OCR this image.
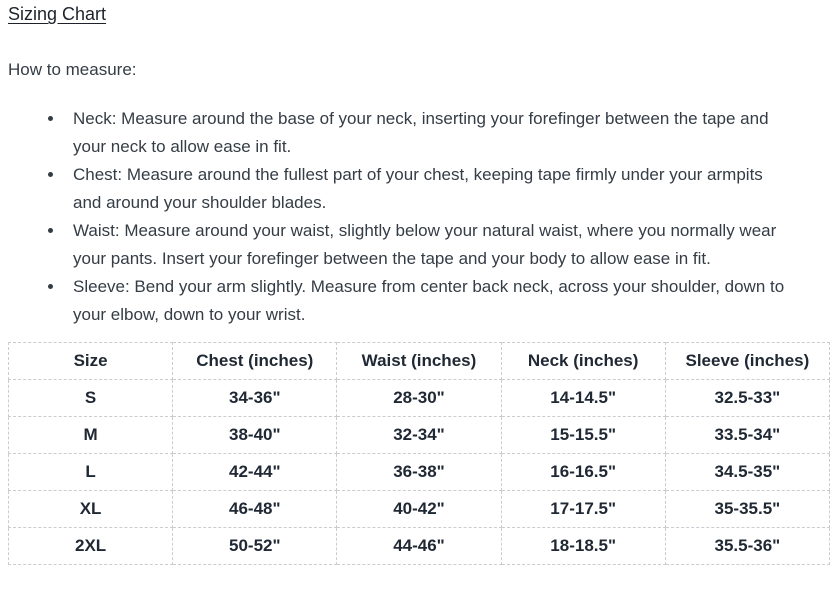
Sizing Chart

How to measure:

• Neck: Measure around the base of your neck, inserting your forefinger between the tape and your neck to allow ease in fit.
• Chest: Measure around the fullest part of your chest, keeping tape firmly under your armpits and around your shoulder blades.
• Waist: Measure around your waist, slightly below your natural waist, where you normally wear your pants. Insert your forefinger between the tape and your body to allow ease in fit.
• Sleeve: Bend your arm slightly. Measure from center back neck, across your shoulder, down to your elbow, down to your wrist.
Size	Chest (inches)	Waist (inches)	Neck (inches)	Sleeve (inches)
S	34-36"	28-30"	14-14.5"	32.5-33"
M	38-40"	32-34"	15-15.5"	33.5-34"
L	42-44"	36-38"	16-16.5"	34.5-35"
XL	46-48"	40-42"	17-17.5"	35-35.5"
2XL	50-52"	44-46"	18-18.5"	35.5-36"
